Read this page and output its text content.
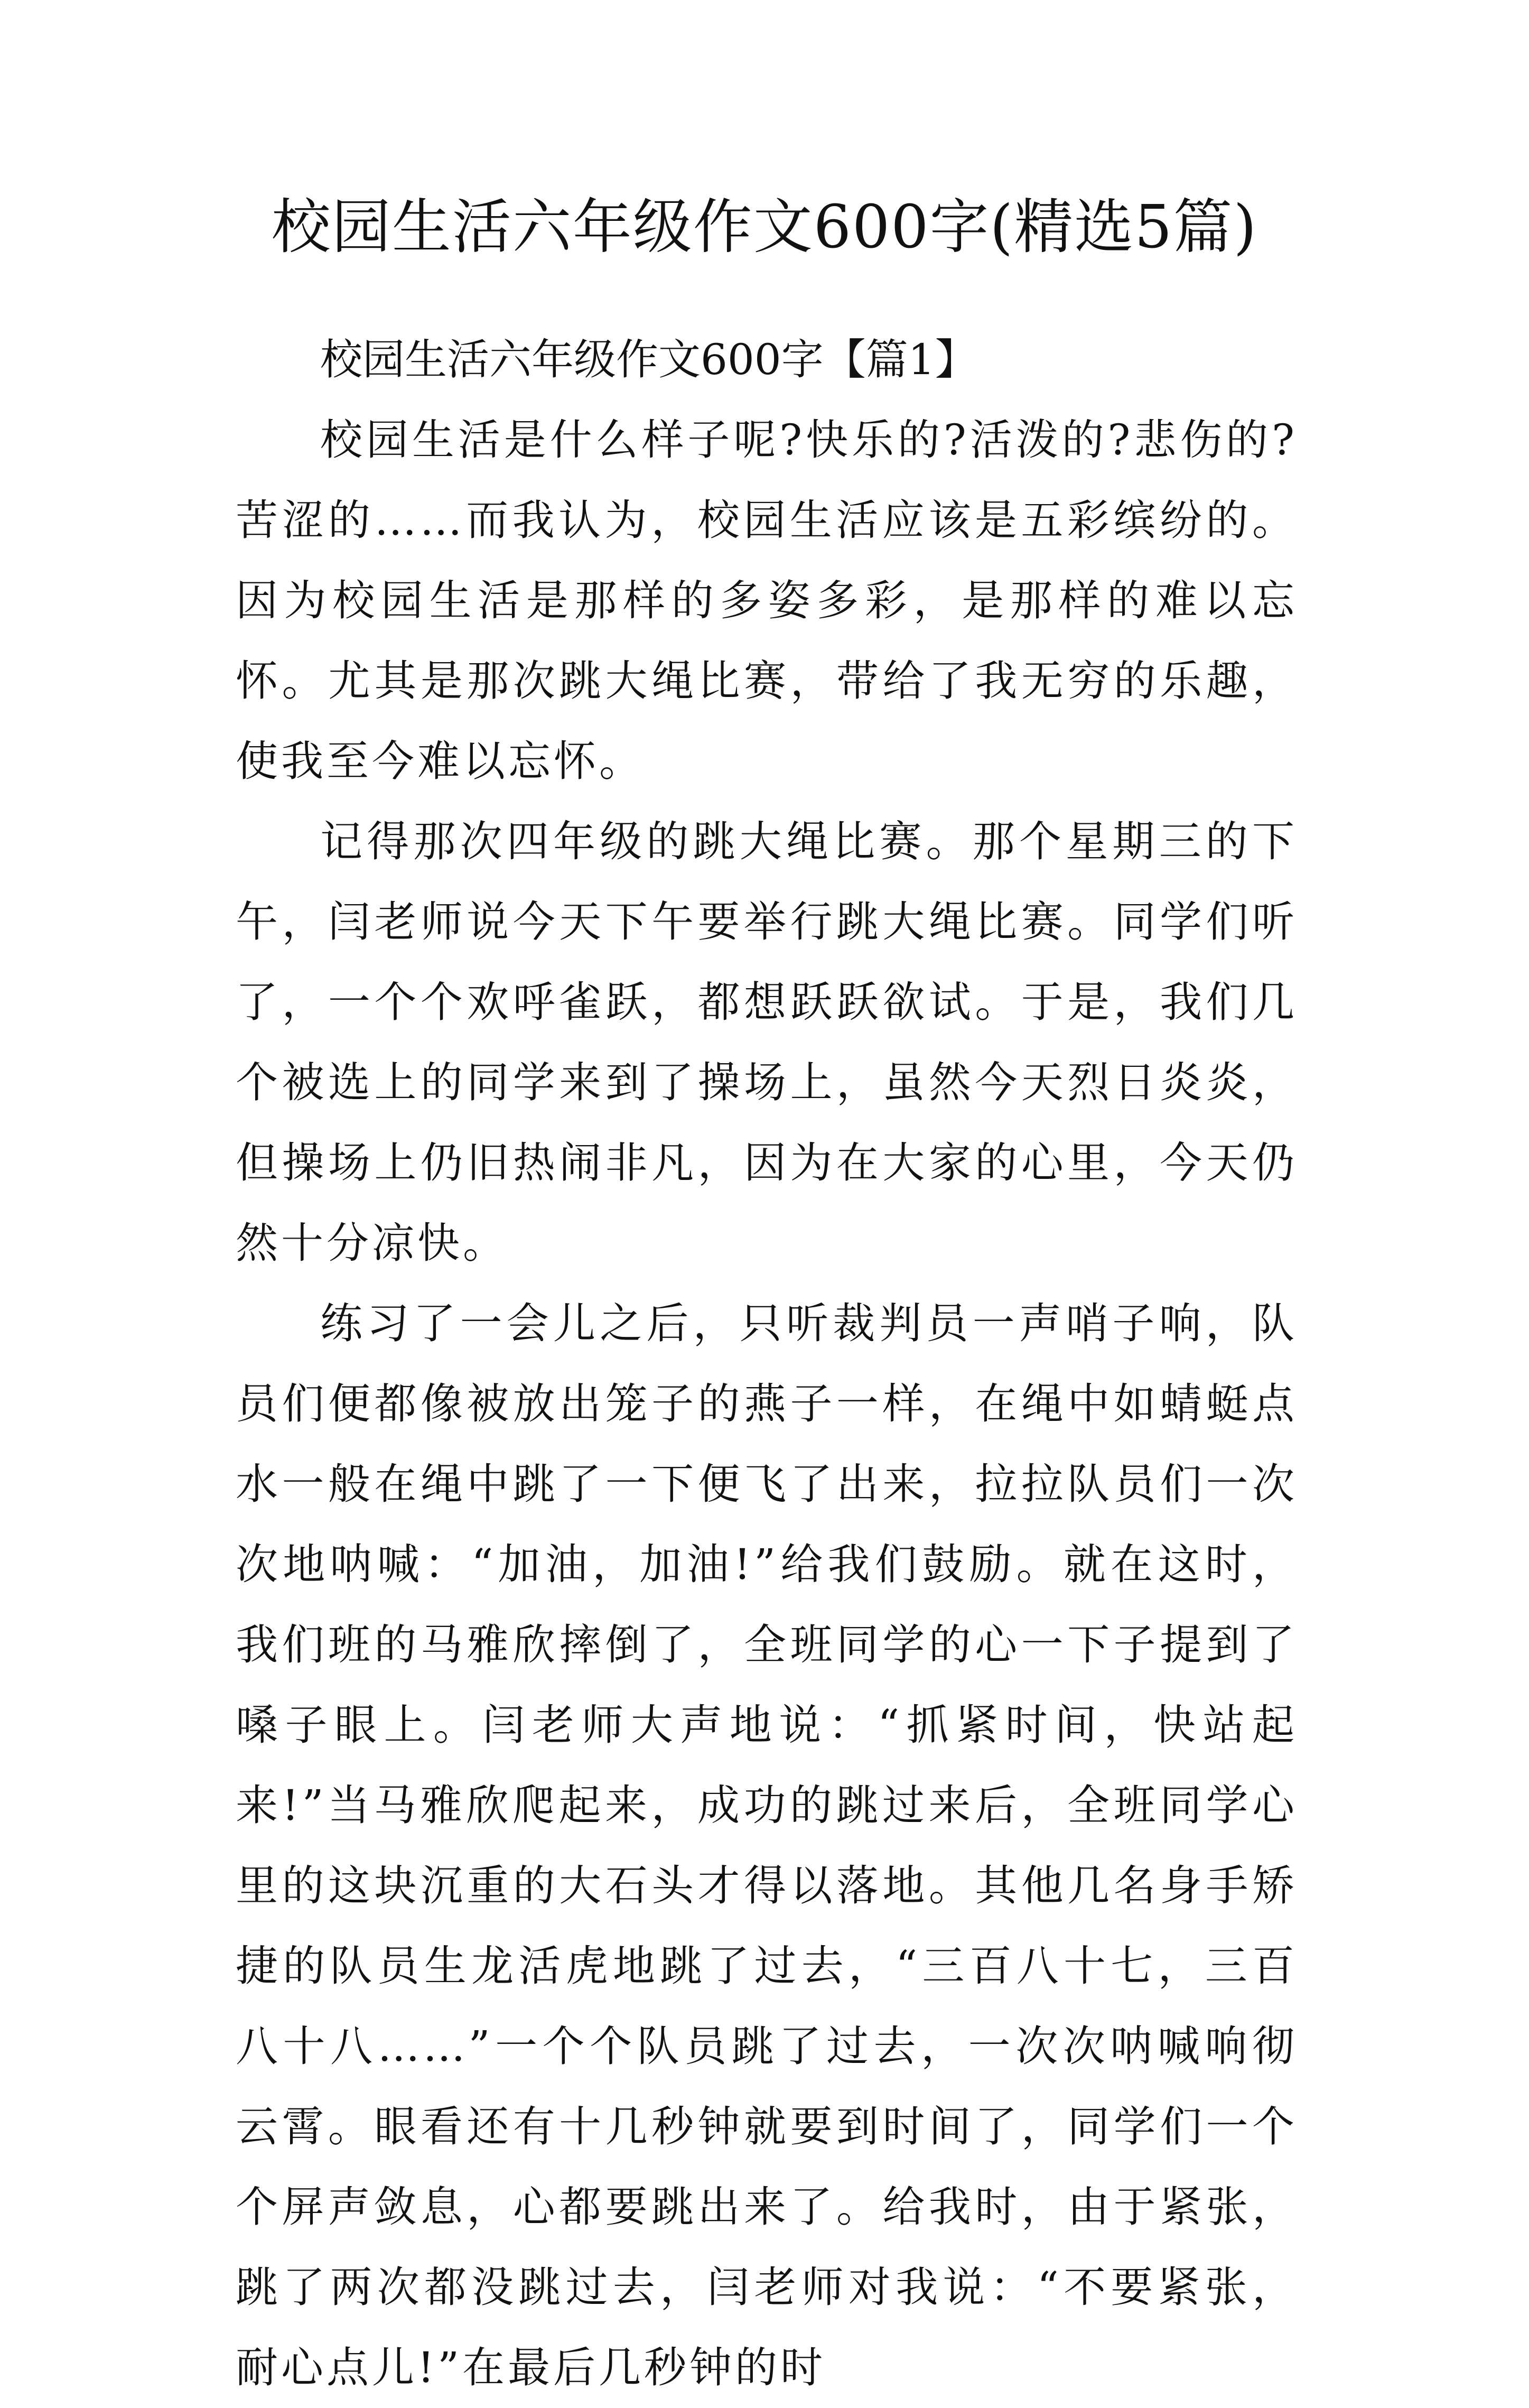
校园生活六年级作文600字(精选5篇)

校园生活六年级作文600字【篇1】

校园生活是什么样子呢?快乐的?活泼的?悲伤的?苦涩的……而我认为，校园生活应该是五彩缤纷的。因为校园生活是那样的多姿多彩，是那样的难以忘怀。尤其是那次跳大绳比赛，带给了我无穷的乐趣，使我至今难以忘怀。

记得那次四年级的跳大绳比赛。那个星期三的下午，闫老师说今天下午要举行跳大绳比赛。同学们听了，一个个欢呼雀跃，都想跃跃欲试。于是，我们几个被选上的同学来到了操场上，虽然今天烈日炎炎，但操场上仍旧热闹非凡，因为在大家的心里，今天仍然十分凉快。

练习了一会儿之后，只听裁判员一声哨子响，队员们便都像被放出笼子的燕子一样，在绳中如蜻蜓点水一般在绳中跳了一下便飞了出来，拉拉队员们一次次地呐喊：“加油，加油!”给我们鼓励。就在这时，我们班的马雅欣摔倒了，全班同学的心一下子提到了嗓子眼上。闫老师大声地说：“抓紧时间，快站起来!”当马雅欣爬起来，成功的跳过来后，全班同学心里的这块沉重的大石头才得以落地。其他几名身手矫捷的队员生龙活虎地跳了过去，“三百八十七，三百八十八……”一个个队员跳了过去，一次次呐喊响彻云霄。眼看还有十几秒钟就要到时间了，同学们一个个屏声敛息，心都要跳出来了。给我时，由于紧张，跳了两次都没跳过去，闫老师对我说：“不要紧张，耐心点儿!”在最后几秒钟的时
